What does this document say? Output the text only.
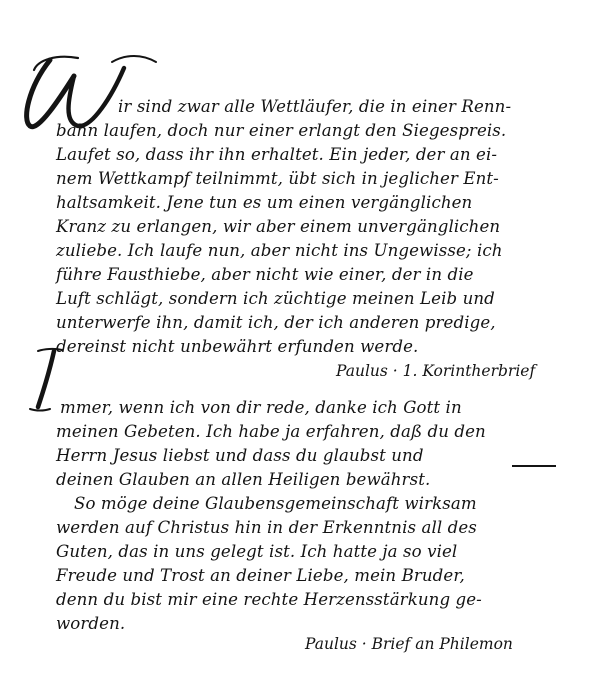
W
ir sind zwar alle Wettläufer, die in einer Renn-
bahn laufen, doch nur einer erlangt den Siegespreis.
Laufet so, dass ihr ihn erhaltet. Ein jeder, der an ei-
nem Wettkampf teilnimmt, übt sich in jeglicher Ent-
haltsamkeit. Jene tun es um einen vergänglichen
Kranz zu erlangen, wir aber einem unvergänglichen
zuliebe. Ich laufe nun, aber nicht ins Ungewisse; ich
führe Fausthiebe, aber nicht wie einer, der in die
Luft schlägt, sondern ich züchtige meinen Leib und
unterwerfe ihn, damit ich, der ich anderen predige,
dereinst nicht unbewährt erfunden werde.
Paulus · 1. Korintherbrief
I mmer, wenn ich von dir rede, danke ich Gott in
meinen Gebeten. Ich habe ja erfahren, daß du den
Herrn Jesus liebst und dass du glaubst und
deinen Glauben an allen Heiligen bewährst.
So möge deine Glaubensgemeinschaft wirksam
werden auf Christus hin in der Erkenntnis all des
Guten, das in uns gelegt ist. Ich hatte ja so viel
Freude und Trost an deiner Liebe, mein Bruder,
denn du bist mir eine rechte Herzensstärkung ge-
worden.
Paulus · Brief an Philemon
